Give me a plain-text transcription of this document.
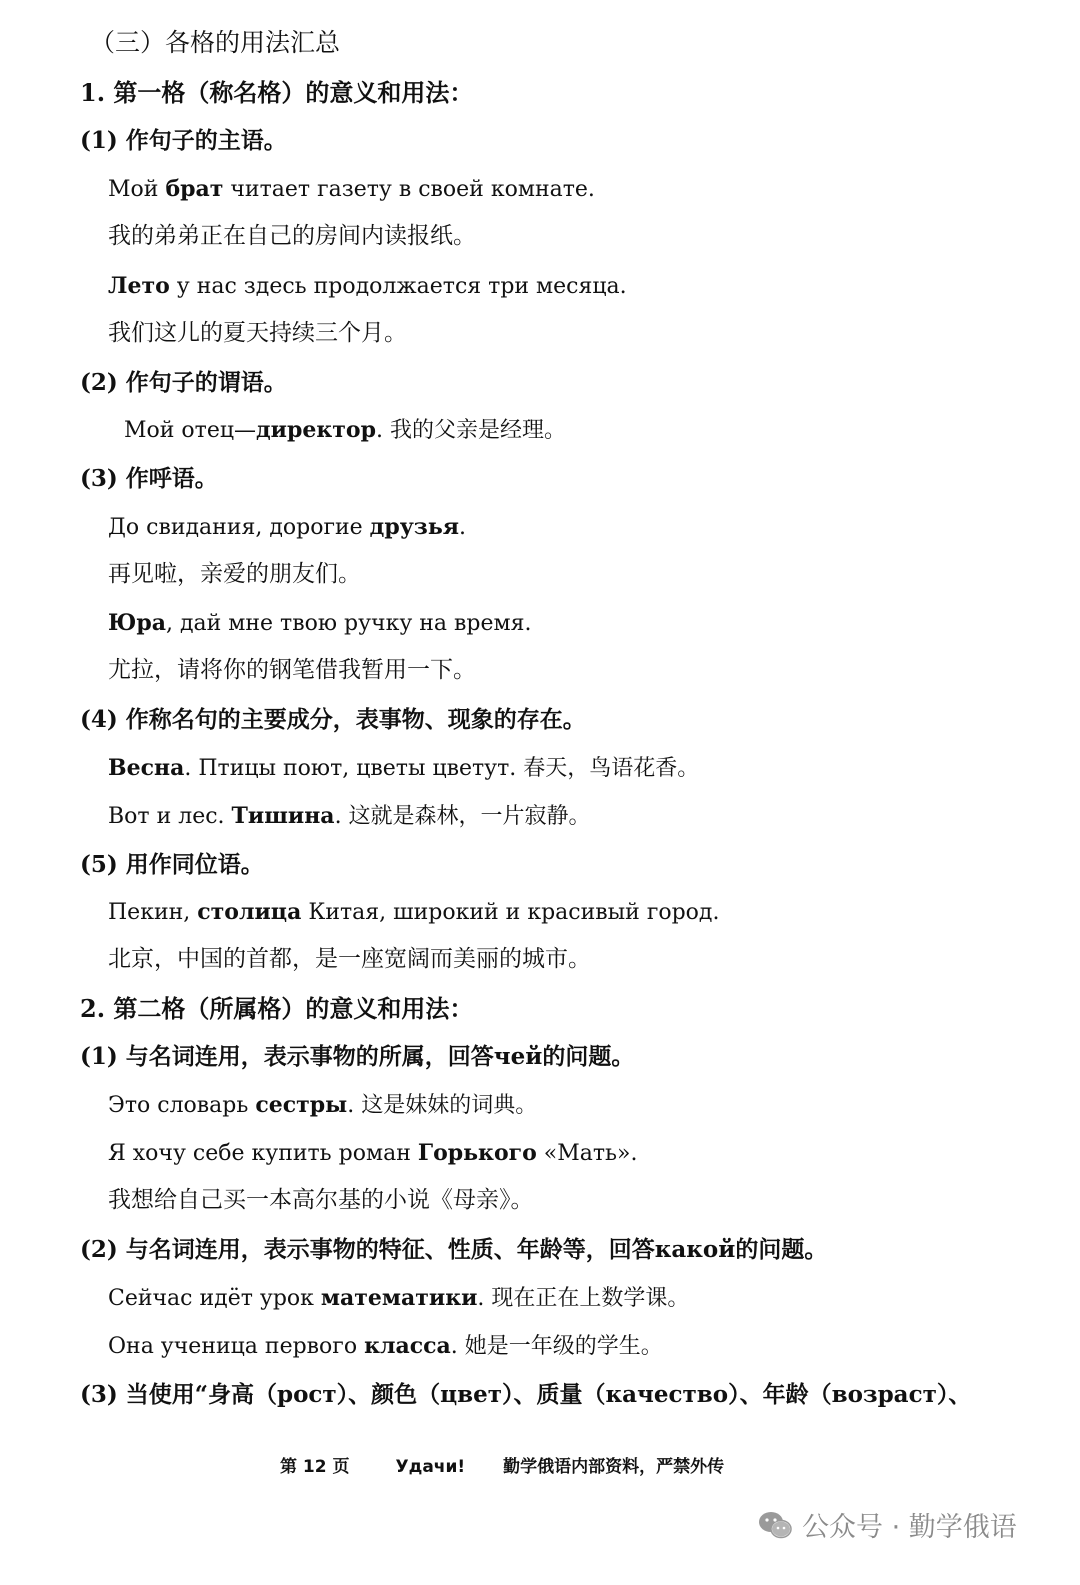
（三）各格的用法汇总
1. 第一格（称名格）的意义和用法：
(1) 作句子的主语。
Мой брат читает газету в своей комнате.
我的弟弟正在自己的房间内读报纸。
Лето у нас здесь продолжается три месяца.
我们这儿的夏天持续三个月。
(2) 作句子的谓语。
Мой отец—директор. 我的父亲是经理。
(3) 作呼语。
До свидания, дорогие друзья.
再见啦，亲爱的朋友们。
Юра, дай мне твою ручку на время.
尤拉，请将你的钢笔借我暂用一下。
(4) 作称名句的主要成分，表事物、现象的存在。
Весна. Птицы поют, цветы цветут. 春天，鸟语花香。
Вот и лес. Тишина. 这就是森林，一片寂静。
(5) 用作同位语。
Пекин, столица Китая, широкий и красивый город.
北京，中国的首都，是一座宽阔而美丽的城市。
2. 第二格（所属格）的意义和用法：
(1) 与名词连用，表示事物的所属，回答чей的问题。
Это словарь сестры. 这是妹妹的词典。
Я хочу себе купить роман Горького «Мать».
我想给自己买一本高尔基的小说《母亲》。
(2) 与名词连用，表示事物的特征、性质、年龄等，回答какой的问题。
Сейчас идёт урок математики. 现在正在上数学课。
Она ученица первого класса. 她是一年级的学生。
(3) 当使用“身高（рост）、颜色（цвет）、质量（качество）、年龄（возраст）、
第 12 页	Удачи! 勤学俄语内部资料，严禁外传
公众号 · 勤学俄语
